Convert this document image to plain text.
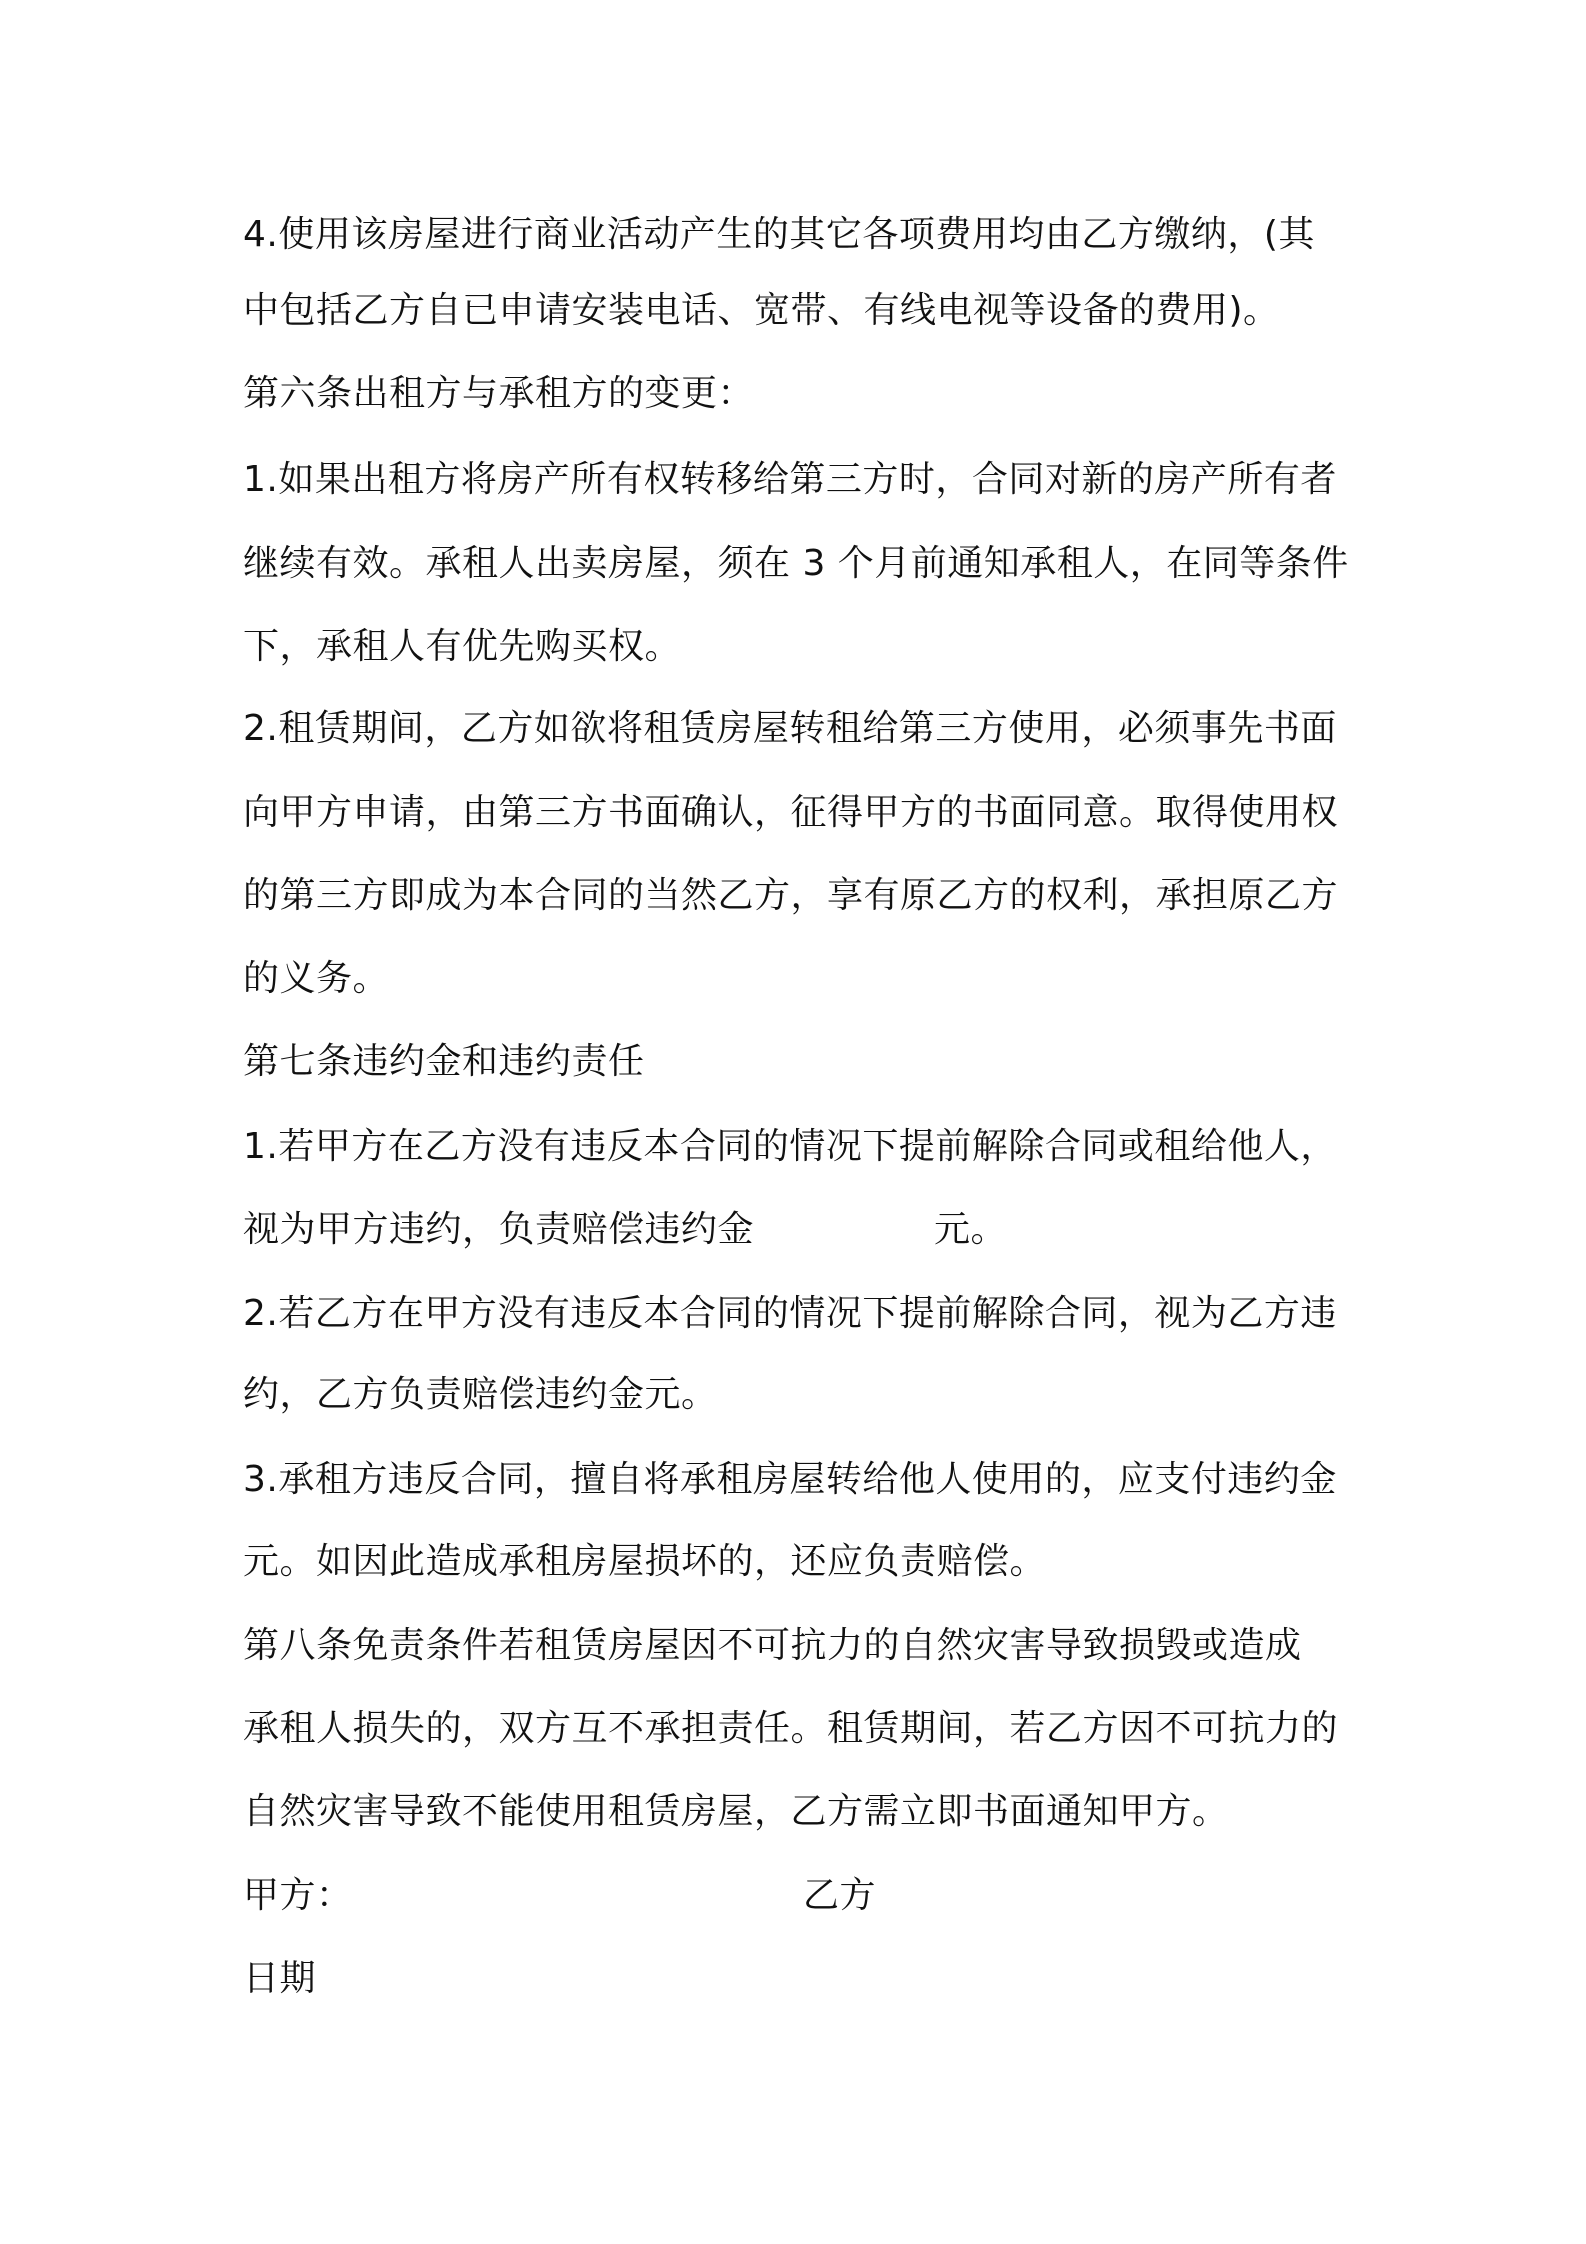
4.使用该房屋进行商业活动产生的其它各项费用均由乙方缴纳，(其
中包括乙方自已申请安装电话、宽带、有线电视等设备的费用)。
第六条出租方与承租方的变更：
1.如果出租方将房产所有权转移给第三方时，合同对新的房产所有者
继续有效。承租人出卖房屋，须在 3 个月前通知承租人，在同等条件
下，承租人有优先购买权。
2.租赁期间，乙方如欲将租赁房屋转租给第三方使用，必须事先书面
向甲方申请，由第三方书面确认，征得甲方的书面同意。取得使用权
的第三方即成为本合同的当然乙方，享有原乙方的权利，承担原乙方
的义务。
第七条违约金和违约责任
1.若甲方在乙方没有违反本合同的情况下提前解除合同或租给他人，
视为甲方违约，负责赔偿违约金	元。
2.若乙方在甲方没有违反本合同的情况下提前解除合同，视为乙方违
约，乙方负责赔偿违约金元。
3.承租方违反合同，擅自将承租房屋转给他人使用的，应支付违约金
元。如因此造成承租房屋损坏的，还应负责赔偿。
第八条免责条件若租赁房屋因不可抗力的自然灾害导致损毁或造成
承租人损失的，双方互不承担责任。租赁期间，若乙方因不可抗力的
自然灾害导致不能使用租赁房屋，乙方需立即书面通知甲方。
甲方：	乙方
日期
